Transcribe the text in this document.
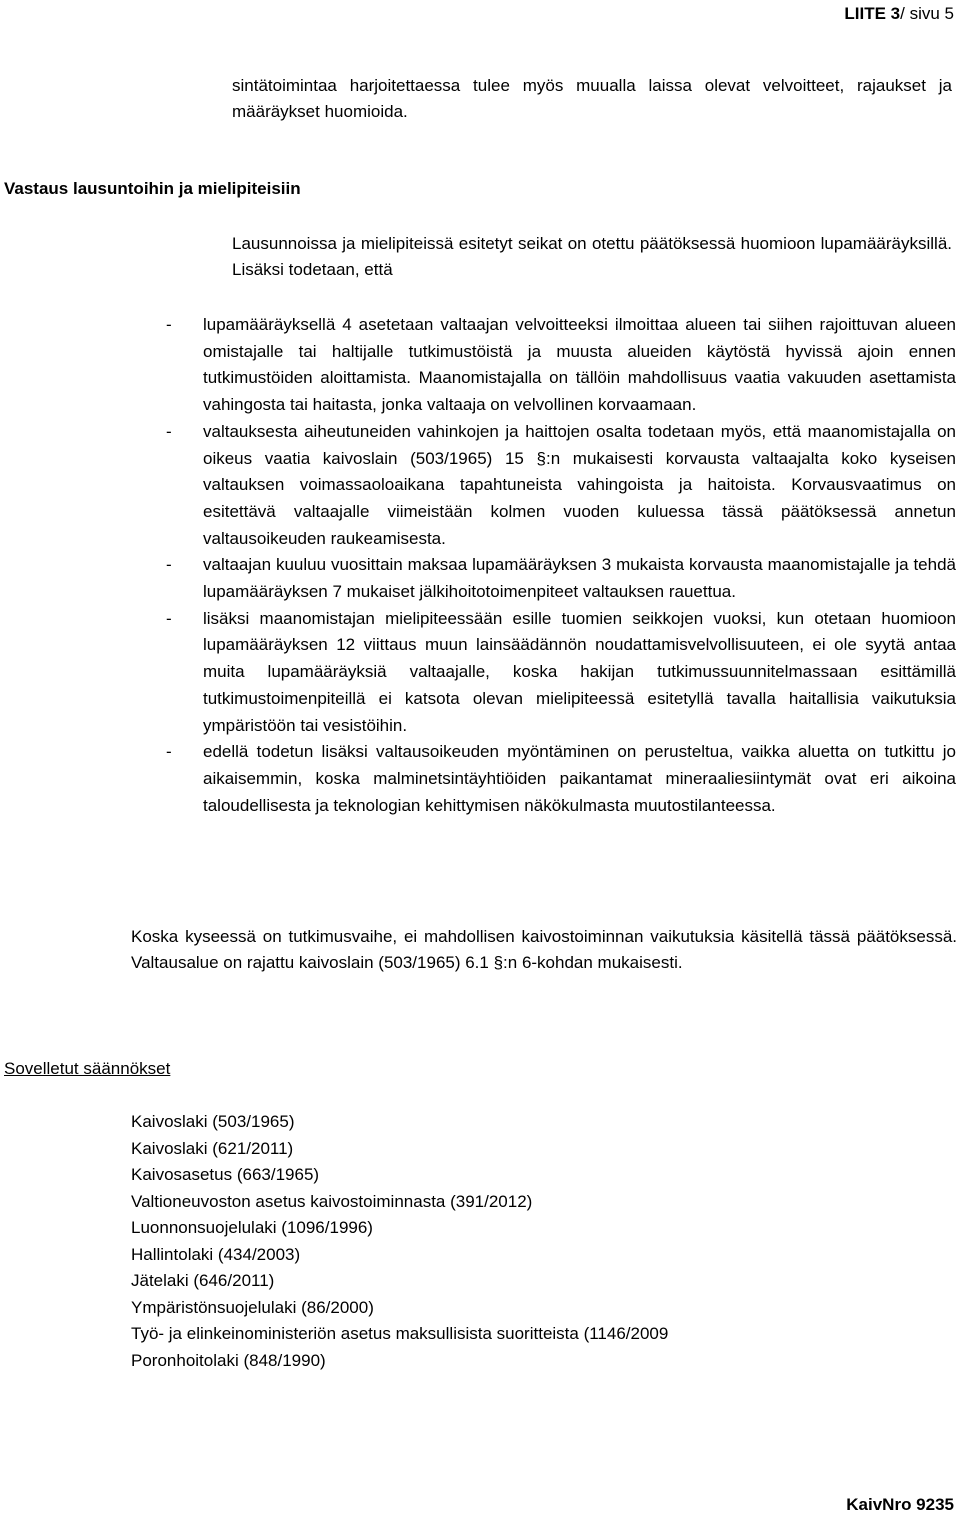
LIITE 3/ sivu 5
sintätoimintaa harjoitettaessa tulee myös muualla laissa olevat velvoitteet, rajaukset ja määräykset huomioida.
Vastaus lausuntoihin ja mielipiteisiin
Lausunnoissa ja mielipiteissä esitetyt seikat on otettu päätöksessä huomioon lupamääräyksillä. Lisäksi todetaan, että
- lupamääräyksellä 4 asetetaan valtaajan velvoitteeksi ilmoittaa alueen tai siihen rajoittuvan alueen omistajalle tai haltijalle tutkimustöistä ja muusta alueiden käytöstä hyvissä ajoin ennen tutkimustöiden aloittamista. Maanomistajalla on tällöin mahdollisuus vaatia vakuuden asettamista vahingosta tai haitasta, jonka valtaaja on velvollinen korvaamaan.
- valtauksesta aiheutuneiden vahinkojen ja haittojen osalta todetaan myös, että maanomistajalla on oikeus vaatia kaivoslain (503/1965) 15 §:n mukaisesti korvausta valtaajalta koko kyseisen valtauksen voimassaoloaikana tapahtuneista vahingoista ja haitoista. Korvausvaatimus on esitettävä valtaajalle viimeistään kolmen vuoden kuluessa tässä päätöksessä annetun valtausoikeuden raukeamisesta.
- valtaajan kuuluu vuosittain maksaa lupamääräyksen 3 mukaista korvausta maanomistajalle ja tehdä lupamääräyksen 7 mukaiset jälkihoitotoimenpiteet valtauksen rauettua.
- lisäksi maanomistajan mielipiteessään esille tuomien seikkojen vuoksi, kun otetaan huomioon lupamääräyksen 12 viittaus muun lainsäädännön noudattamisvelvollisuuteen, ei ole syytä antaa muita lupamääräyksiä valtaajalle, koska hakijan tutkimussuunnitelmassaan esittämillä tutkimustoimenpiteillä ei katsota olevan mielipiteessä esitetyllä tavalla haitallisia vaikutuksia ympäristöön tai vesistöihin.
- edellä todetun lisäksi valtausoikeuden myöntäminen on perusteltua, vaikka aluetta on tutkittu jo aikaisemmin, koska malminetsintäyhtiöiden paikantamat mineraaliesiintymät ovat eri aikoina taloudellisesta ja teknologian kehittymisen näkökulmasta muutostilanteessa.
Koska kyseessä on tutkimusvaihe, ei mahdollisen kaivostoiminnan vaikutuksia käsitellä tässä päätöksessä. Valtausalue on rajattu kaivoslain (503/1965) 6.1 §:n 6-kohdan mukaisesti.
Sovelletut säännökset
Kaivoslaki (503/1965)
Kaivoslaki (621/2011)
Kaivosasetus (663/1965)
Valtioneuvoston asetus kaivostoiminnasta (391/2012)
Luonnonsuojelulaki (1096/1996)
Hallintolaki (434/2003)
Jätelaki (646/2011)
Ympäristönsuojelulaki (86/2000)
Työ- ja elinkeinoministeriön asetus maksullisista suoritteista (1146/2009
Poronhoitolaki (848/1990)
KaivNro 9235
